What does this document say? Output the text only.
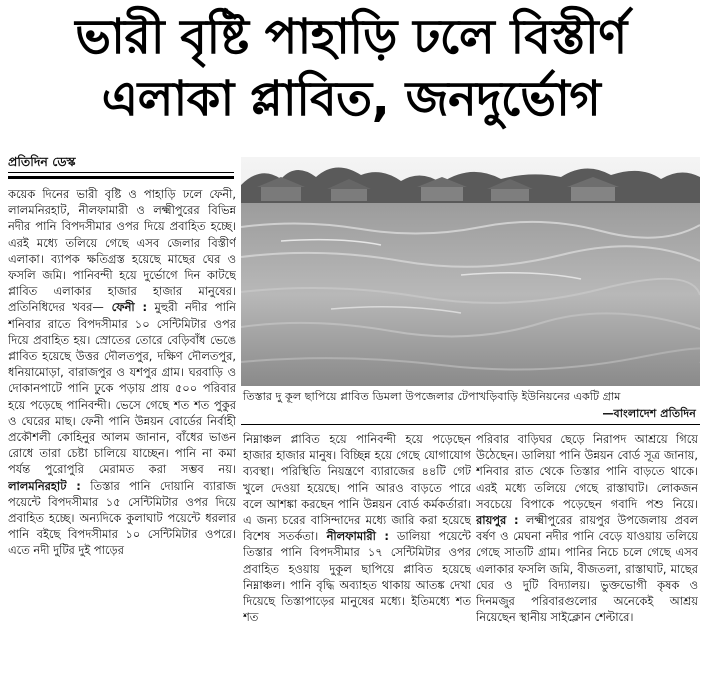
ভারী বৃষ্টি পাহাড়ি ঢলে বিস্তীর্ণ
এলাকা প্লাবিত, জনদুর্ভোগ
প্রতিদিন ডেস্ক

কয়েক দিনের ভারী বৃষ্টি ও পাহাড়ি ঢলে ফেনী, লালমনিরহাট, নীলফামারী ও লক্ষ্মীপুরের বিভিন্ন নদীর পানি বিপদসীমার ওপর দিয়ে প্রবাহিত হচ্ছে। এরই মধ্যে তলিয়ে গেছে এসব জেলার বিস্তীর্ণ এলাকা। ব্যাপক ক্ষতিগ্রস্ত হয়েছে মাছের ঘের ও ফসলি জমি। পানিবন্দী হয়ে দুর্ভোগে দিন কাটছে প্লাবিত এলাকার হাজার হাজার মানুষের। প্রতিনিধিদের খবর— ফেনী : মুহুরী নদীর পানি শনিবার রাতে বিপদসীমার ১০ সেন্টিমিটার ওপর দিয়ে প্রবাহিত হয়। স্রোতের তোরে বেড়িবাঁধ ভেঙে প্লাবিত হয়েছে উত্তর দৌলতপুর, দক্ষিণ দৌলতপুর, ধনিয়ামোড়া, বারাজপুর ও যশপুর গ্রাম। ঘরবাড়ি ও দোকানপাটে পানি ঢুকে পড়ায় প্রায় ৫০০ পরিবার হয়ে পড়েছে পানিবন্দী। ভেসে গেছে শত শত পুকুর ও ঘেরের মাছ। ফেনী পানি উন্নয়ন বোর্ডের নির্বাহী প্রকৌশলী কোহিনুর আলম জানান, বাঁধের ভাঙন রোধে তারা চেষ্টা চালিয়ে যাচ্ছেন। পানি না কমা পর্যন্ত পুরোপুরি মেরামত করা সম্ভব নয়। লালমনিরহাট : তিস্তার পানি দোয়ানি ব্যারাজ পয়েন্টে বিপদসীমার ১৫ সেন্টিমিটার ওপর দিয়ে প্রবাহিত হচ্ছে। অন্যদিকে কুলাঘাট পয়েন্টে ধরলার পানি বইছে বিপদসীমার ১০ সেন্টিমিটার ওপরে। এতে নদী দুটির দুই পাড়ের

তিস্তার দু কূল ছাপিয়ে প্লাবিত ডিমলা উপজেলার টেপাখড়িবাড়ি ইউনিয়নের একটি গ্রাম
—বাংলাদেশ প্রতিদিন

নিম্নাঞ্চল প্লাবিত হয়ে পানিবন্দী হয়ে পড়েছেন হাজার হাজার মানুষ। বিচ্ছিন্ন হয়ে গেছে যোগাযোগ ব্যবস্থা। পরিস্থিতি নিয়ন্ত্রণে ব্যারাজের ৪৪টি গেট খুলে দেওয়া হয়েছে। পানি আরও বাড়তে পারে বলে আশঙ্কা করছেন পানি উন্নয়ন বোর্ড কর্মকর্তারা। এ জন্য চরের বাসিন্দাদের মধ্যে জারি করা হয়েছে বিশেষ সতর্কতা। নীলফামারী : ডালিয়া পয়েন্টে তিস্তার পানি বিপদসীমার ১৭ সেন্টিমিটার ওপর প্রবাহিত হওয়ায় দুকূল ছাপিয়ে প্লাবিত হয়েছে নিম্নাঞ্চল। পানি বৃদ্ধি অব্যাহত থাকায় আতঙ্ক দেখা দিয়েছে তিস্তাপাড়ের মানুষের মধ্যে। ইতিমধ্যে শত শত

পরিবার বাড়িঘর ছেড়ে নিরাপদ আশ্রয়ে গিয়ে উঠেছেন। ডালিয়া পানি উন্নয়ন বোর্ড সূত্র জানায়, শনিবার রাত থেকে তিস্তার পানি বাড়তে থাকে। এরই মধ্যে তলিয়ে গেছে রাস্তাঘাট। লোকজন সবচেয়ে বিপাকে পড়েছেন গবাদি পশু নিয়ে। রায়পুর : লক্ষ্মীপুরের রায়পুর উপজেলায় প্রবল বর্ষণ ও মেঘনা নদীর পানি বেড়ে যাওয়ায় তলিয়ে গেছে সাতটি গ্রাম। পানির নিচে চলে গেছে এসব এলাকার ফসলি জমি, বীজতলা, রাস্তাঘাট, মাছের ঘের ও দুটি বিদ্যালয়। ভুক্তভোগী কৃষক ও দিনমজুর পরিবারগুলোর অনেকেই আশ্রয় নিয়েছেন স্থানীয় সাইক্লোন শেল্টারে।
